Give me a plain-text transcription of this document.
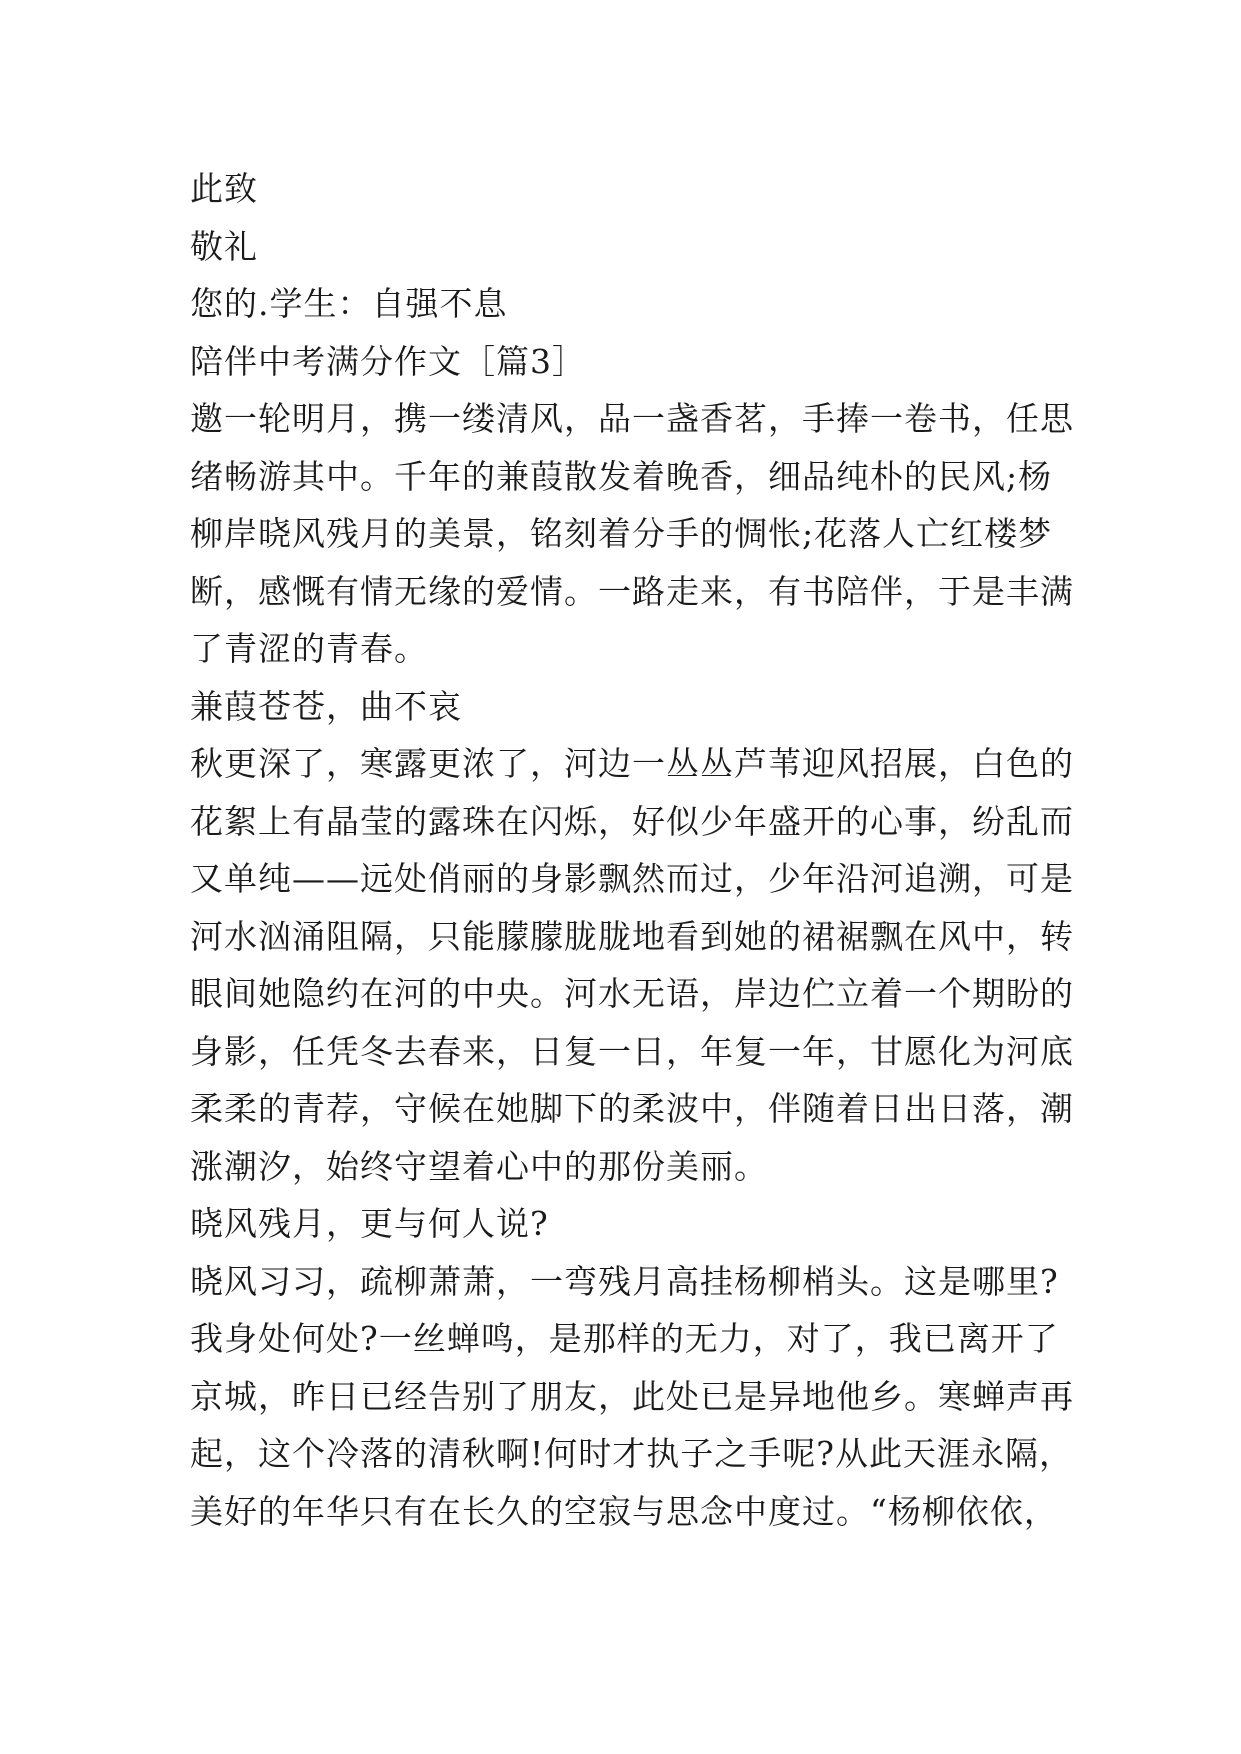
此致
敬礼
您的.学生：自强不息
陪伴中考满分作文［篇3］
邀一轮明月，携一缕清风，品一盏香茗，手捧一卷书，任思
绪畅游其中。千年的兼葭散发着晚香，细品纯朴的民风;杨
柳岸晓风残月的美景，铭刻着分手的惆怅;花落人亡红楼梦
断，感慨有情无缘的爱情。一路走来，有书陪伴，于是丰满
了青涩的青春。
兼葭苍苍，曲不哀
秋更深了，寒露更浓了，河边一丛丛芦苇迎风招展，白色的
花絮上有晶莹的露珠在闪烁，好似少年盛开的心事，纷乱而
又单纯——远处俏丽的身影飘然而过，少年沿河追溯，可是
河水汹涌阻隔，只能朦朦胧胧地看到她的裙裾飘在风中，转
眼间她隐约在河的中央。河水无语，岸边伫立着一个期盼的
身影，任凭冬去春来，日复一日，年复一年，甘愿化为河底
柔柔的青荐，守候在她脚下的柔波中，伴随着日出日落，潮
涨潮汐，始终守望着心中的那份美丽。
晓风残月，更与何人说?
晓风习习，疏柳萧萧，一弯残月高挂杨柳梢头。这是哪里?
我身处何处?一丝蝉鸣，是那样的无力，对了，我已离开了
京城，昨日已经告别了朋友，此处已是异地他乡。寒蝉声再
起，这个冷落的清秋啊!何时才执子之手呢?从此天涯永隔，
美好的年华只有在长久的空寂与思念中度过。“杨柳依依，
